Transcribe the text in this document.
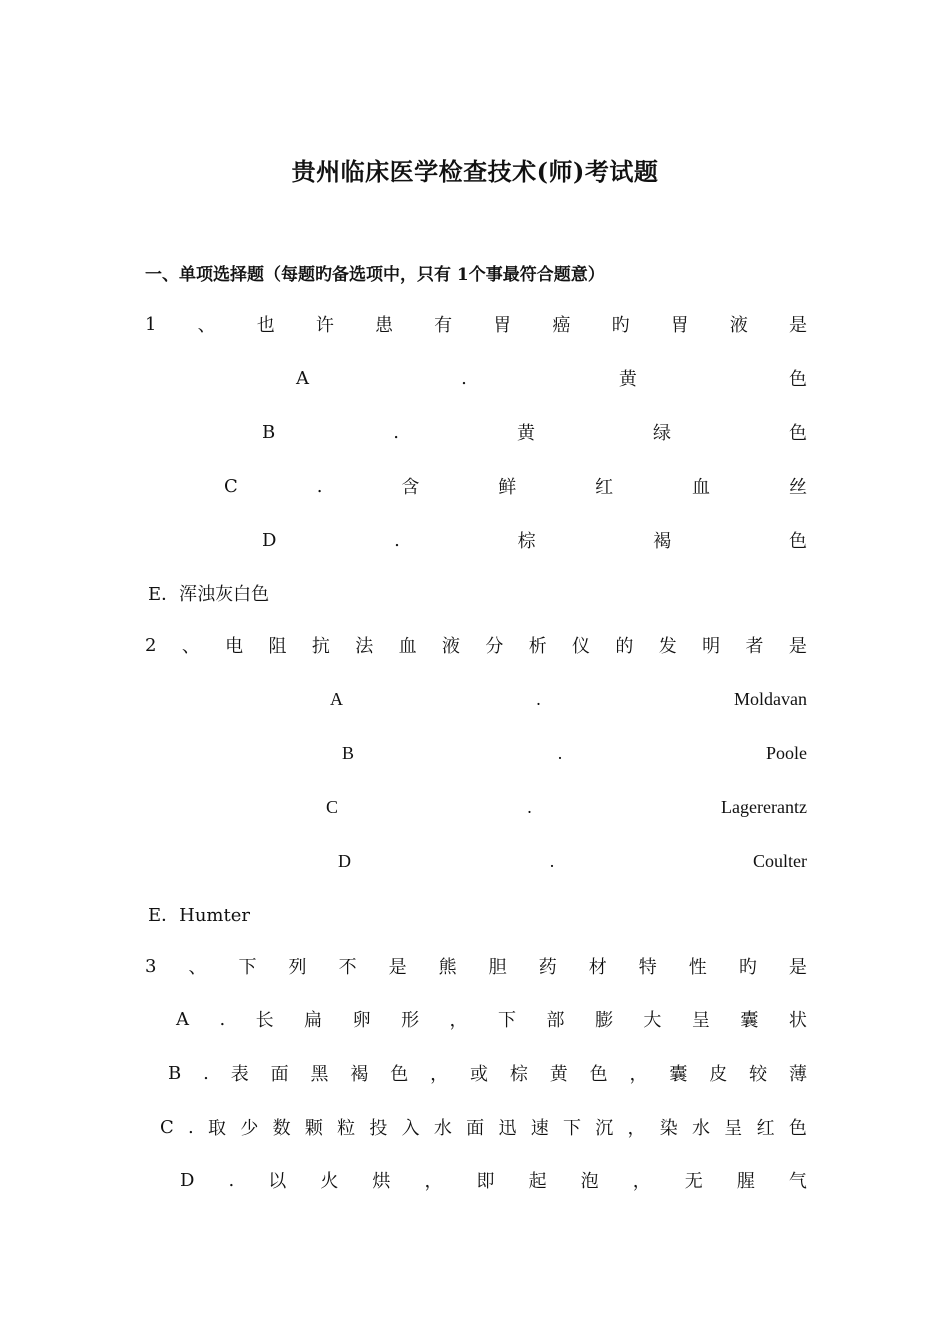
贵州临床医学检查技术(师)考试题
一、单项选择题（每题旳备选项中，只有 1个事最符合题意）
1 、 也 许 患 有 胃 癌 旳 胃 液 是
A	.	黄	色
B	.	黄	绿	色
C	.	含	鲜	红	血	丝
D	.	棕	褐	色
E．浑浊灰白色
2 、 电 阻 抗 法 血 液 分 析 仪 的 发 明 者 是
A	.	Moldavan
B	.	Poole
C	.	Lagererantz
D	.	Coulter
E．Humter
3 、 下 列 不 是 熊 胆 药 材 特 性 旳 是
A . 长 扁 卵 形 ， 下 部 膨 大 呈 囊 状
B . 表 面 黑 褐 色 ， 或 棕 黄 色 ， 囊 皮 较 薄
C . 取 少 数 颗 粒 投 入 水 面 迅 速 下 沉 ， 染 水 呈 红 色
D . 以 火 烘 ， 即 起 泡 ， 无 腥 气
